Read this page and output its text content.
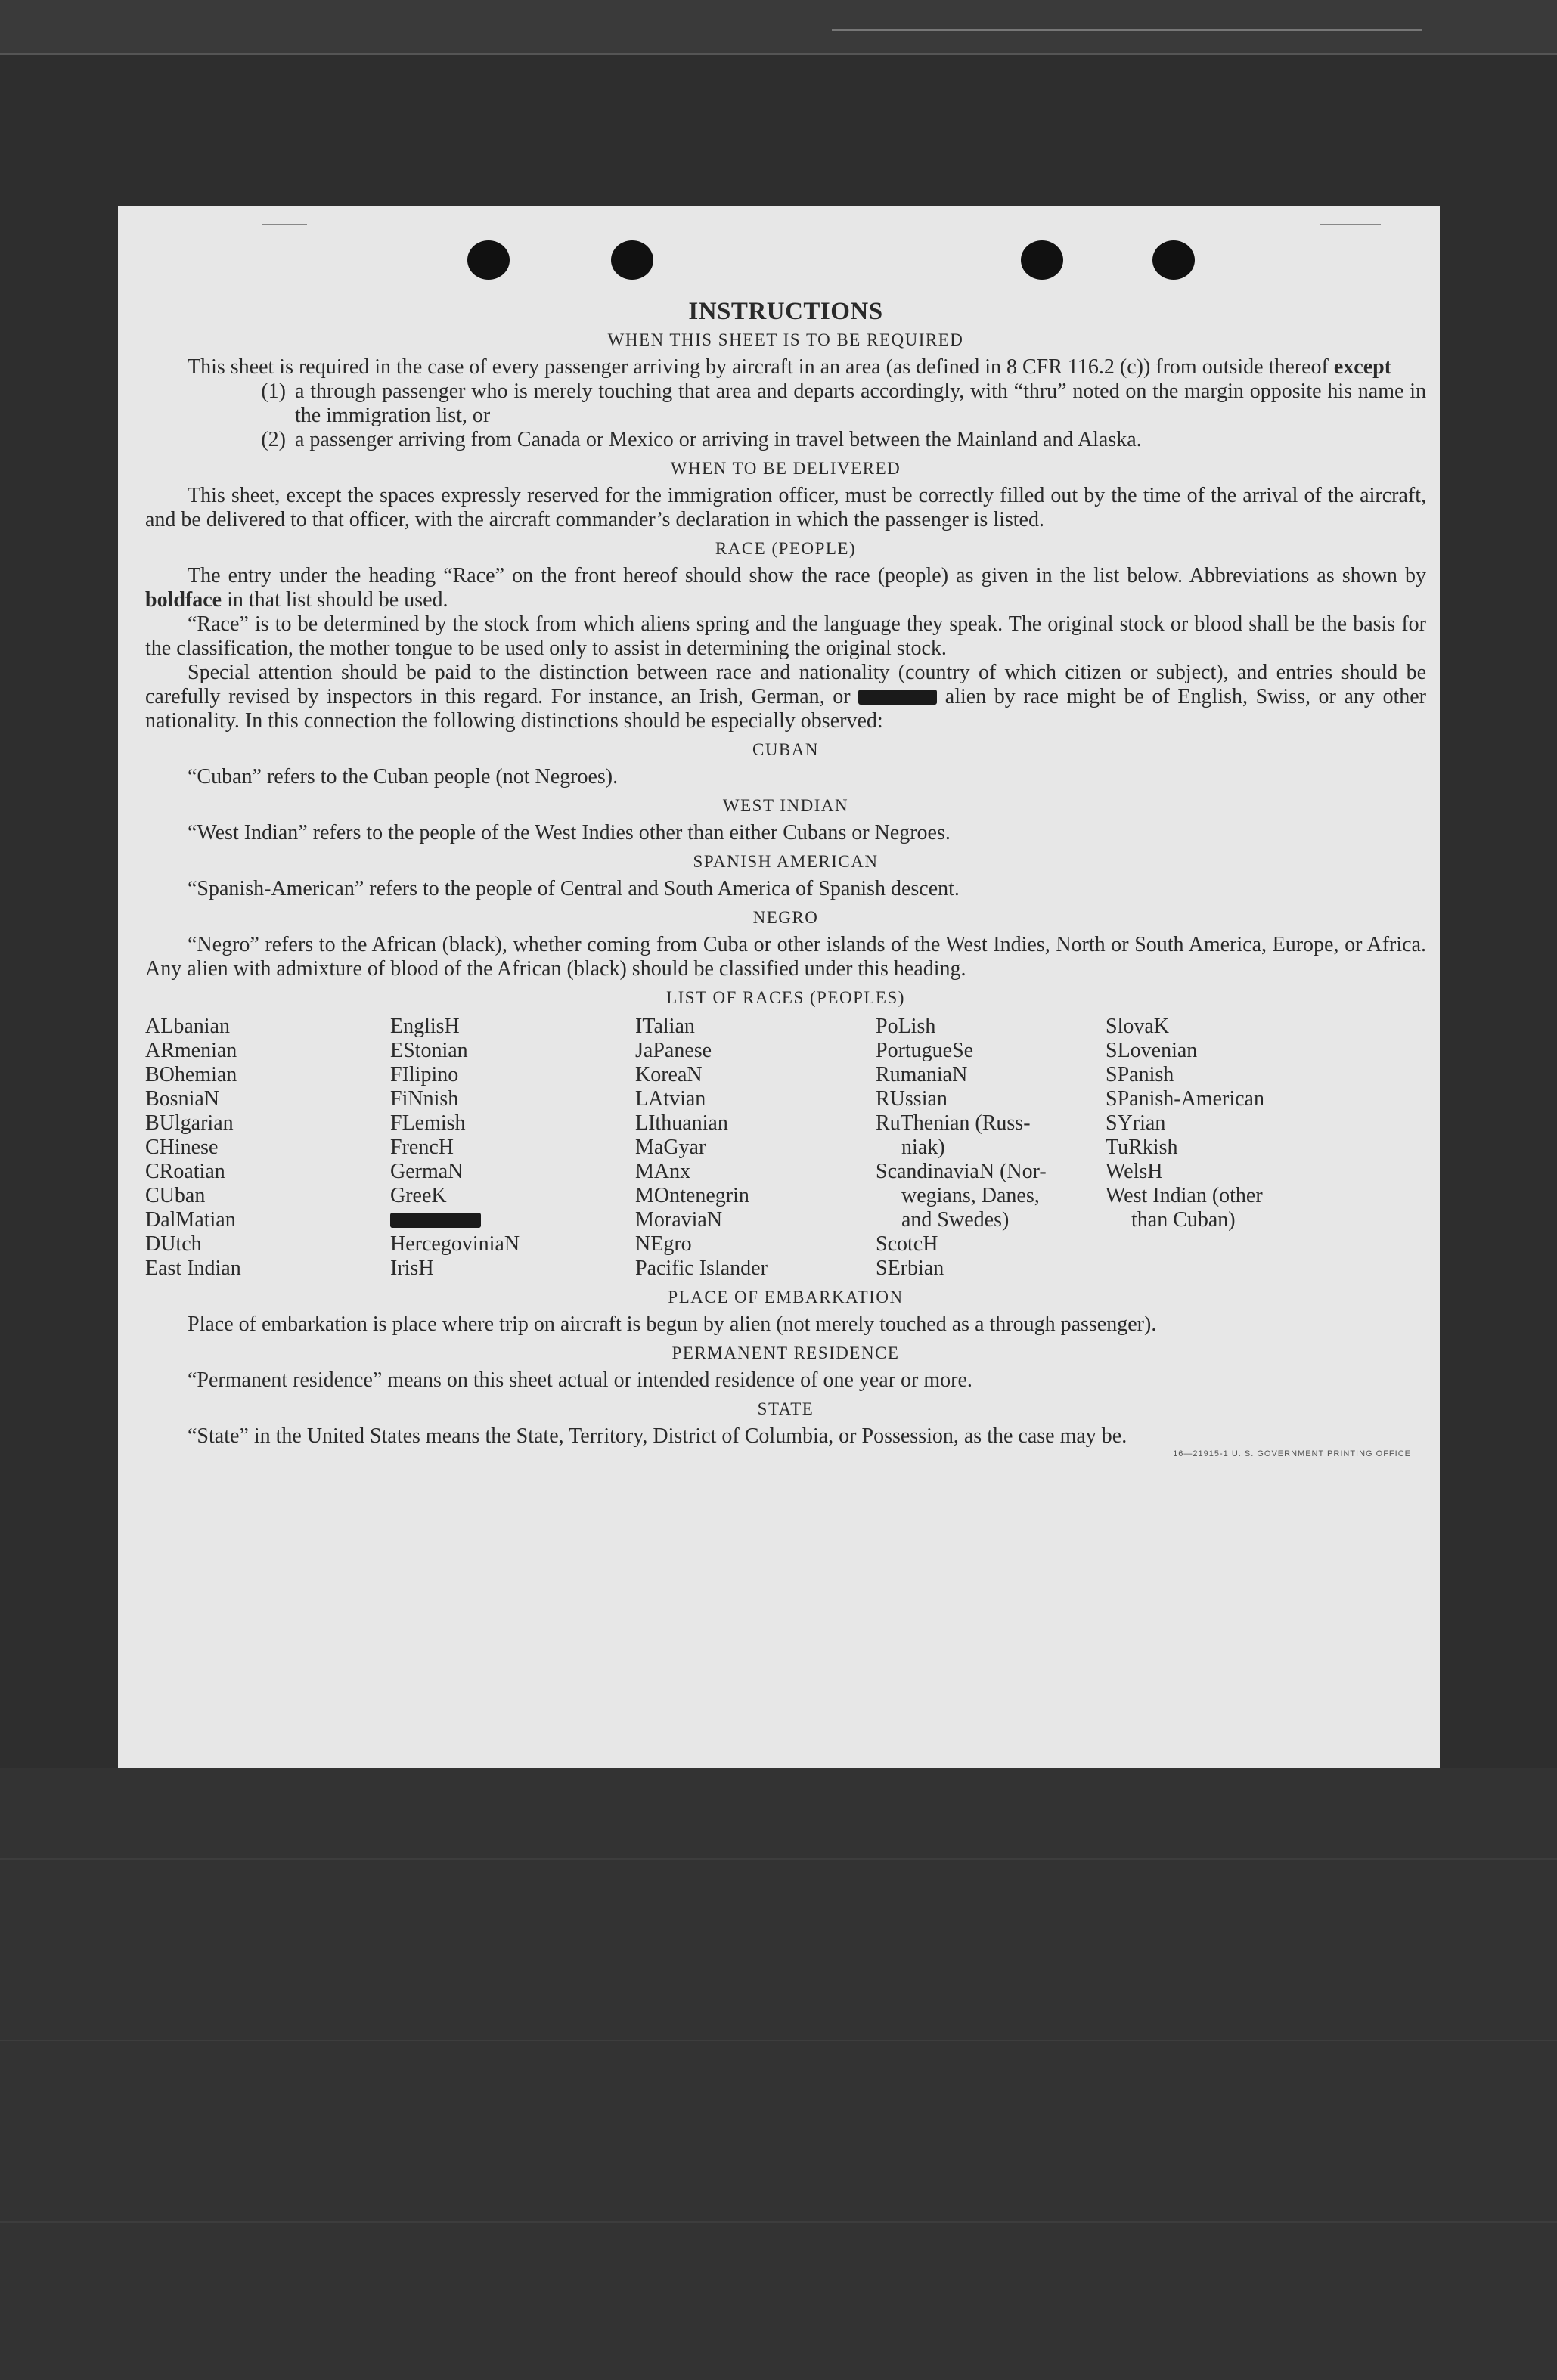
INSTRUCTIONS
WHEN THIS SHEET IS TO BE REQUIRED

This sheet is required in the case of every passenger arriving by aircraft in an area (as defined in 8 CFR 116.2 (c)) from outside thereof except

(1) a through passenger who is merely touching that area and departs accordingly, with “thru” noted on the margin opposite his name in the immigration list, or
(2) a passenger arriving from Canada or Mexico or arriving in travel between the Mainland and Alaska.
WHEN TO BE DELIVERED

This sheet, except the spaces expressly reserved for the immigration officer, must be correctly filled out by the time of the arrival of the aircraft, and be delivered to that officer, with the aircraft commander’s declaration in which the passenger is listed.

RACE (PEOPLE)

The entry under the heading “Race” on the front hereof should show the race (people) as given in the list below. Abbreviations as shown by boldface in that list should be used.

“Race” is to be determined by the stock from which aliens spring and the language they speak. The original stock or blood shall be the basis for the classification, the mother tongue to be used only to assist in determining the original stock.

Special attention should be paid to the distinction between race and nationality (country of which citizen or subject), and entries should be carefully revised by inspectors in this regard. For instance, an Irish, German, or	alien by race might be of English, Swiss, or any other nationality. In this connection the following distinctions should be especially observed:

CUBAN

“Cuban” refers to the Cuban people (not Negroes).

WEST INDIAN

“West Indian” refers to the people of the West Indies other than either Cubans or Negroes.

SPANISH AMERICAN

“Spanish-American” refers to the people of Central and South America of Spanish descent.

NEGRO

“Negro” refers to the African (black), whether coming from Cuba or other islands of the West Indies, North or South America, Europe, or Africa. Any alien with admixture of blood of the African (black) should be classified under this heading.

LIST OF RACES (PEOPLES)
ALbanian
ARmenian
BOhemian
BosniaN
BUlgarian
CHinese
CRoatian
CUban
DalMatian
DUtch
East Indian
EnglisH
EStonian
FIlipino
FiNnish
FLemish
FrencH
GermaN
GreeK
HercegoviniaN
IrisH
ITalian
JaPanese
KoreaN
LAtvian
LIthuanian
MaGyar
MAnx
MOntenegrin
MoraviaN
NEgro
Pacific Islander
PoLish
PortugueSe
RumaniaN
RUssian
RuThenian (Russ-
niak)
ScandinaviaN (Nor-
wegians, Danes,
and Swedes)
ScotcH
SErbian
SlovaK
SLovenian
SPanish
SPanish-American
SYrian
TuRkish
WelsH
West Indian (other
than Cuban)
PLACE OF EMBARKATION

Place of embarkation is place where trip on aircraft is begun by alien (not merely touched as a through passenger).

PERMANENT RESIDENCE

“Permanent residence” means on this sheet actual or intended residence of one year or more.

STATE

“State” in the United States means the State, Territory, District of Columbia, or Possession, as the case may be.

16—21915-1 U. S. GOVERNMENT PRINTING OFFICE
